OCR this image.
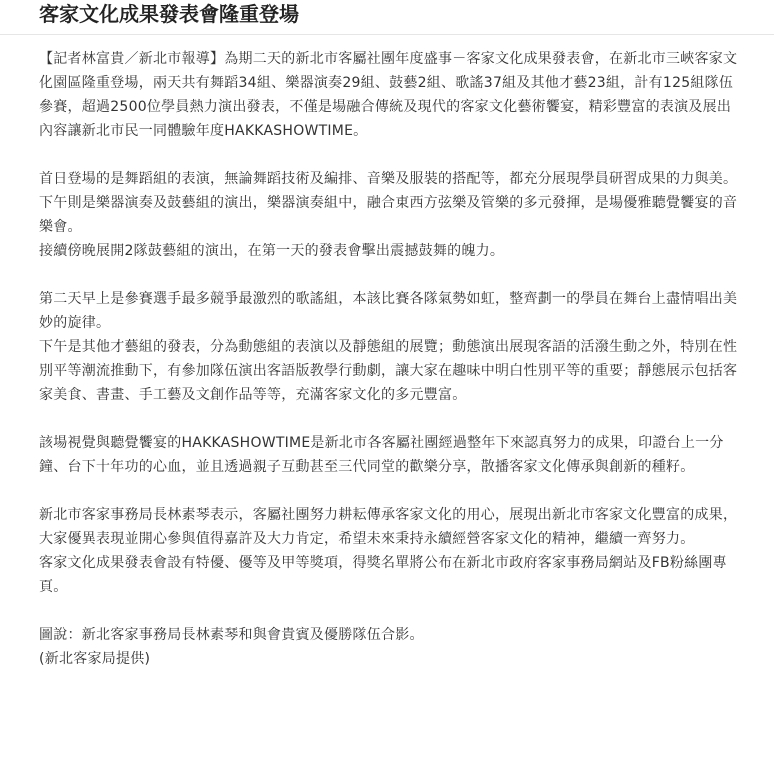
客家文化成果發表會隆重登場

【記者林富貴／新北市報導】為期二天的新北市客屬社團年度盛事－客家文化成果發表會，在新北市三峽客家文化園區隆重登場，兩天共有舞蹈34組、樂器演奏29組、鼓藝2組、歌謠37組及其他才藝23組，計有125組隊伍參賽，超過2500位學員熱力演出發表，不僅是場融合傳統及現代的客家文化藝術饗宴，精彩豐富的表演及展出內容讓新北市民一同體驗年度HAKKASHOWTIME。

首日登場的是舞蹈組的表演，無論舞蹈技術及編排、音樂及服裝的搭配等，都充分展現學員研習成果的力與美。

下午則是樂器演奏及鼓藝組的演出，樂器演奏組中，融合東西方弦樂及管樂的多元發揮，是場優雅聽覺饗宴的音樂會。

接續傍晚展開2隊鼓藝組的演出，在第一天的發表會擊出震撼鼓舞的魄力。

第二天早上是參賽選手最多競爭最激烈的歌謠組，本該比賽各隊氣勢如虹，整齊劃一的學員在舞台上盡情唱出美妙的旋律。

下午是其他才藝組的發表，分為動態組的表演以及靜態組的展覽；動態演出展現客語的活潑生動之外，特別在性別平等潮流推動下，有參加隊伍演出客語版教學行動劇，讓大家在趣味中明白性別平等的重要；靜態展示包括客家美食、書畫、手工藝及文創作品等等，充滿客家文化的多元豐富。

該場視覺與聽覺饗宴的HAKKASHOWTIME是新北市各客屬社團經過整年下來認真努力的成果，印證台上一分鐘、台下十年功的心血，並且透過親子互動甚至三代同堂的歡樂分享，散播客家文化傳承與創新的種籽。

新北市客家事務局長林素琴表示，客屬社團努力耕耘傳承客家文化的用心，展現出新北市客家文化豐富的成果，大家優異表現並開心參與值得嘉許及大力肯定，希望未來秉持永續經營客家文化的精神，繼續一齊努力。

客家文化成果發表會設有特優、優等及甲等獎項，得獎名單將公布在新北市政府客家事務局網站及FB粉絲團專頁。

圖說：新北客家事務局長林素琴和與會貴賓及優勝隊伍合影。

(新北客家局提供)
